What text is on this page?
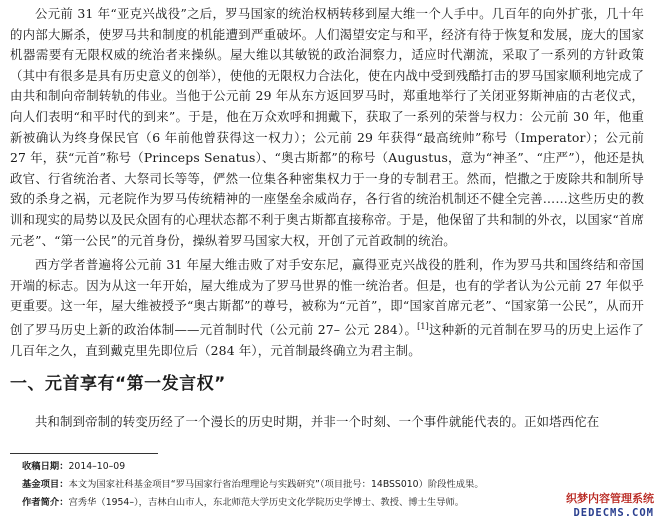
公元前 31 年“亚克兴战役”之后，罗马国家的统治权柄转移到屋大维一个人手中。几百年的向外扩张，几十年的内部大厮杀，使罗马共和制度的机能遭到严重破坏。人们渴望安定与和平，经济有待于恢复和发展，庞大的国家机器需要有无限权威的统治者来操纵。屋大维以其敏锐的政治洞察力，适应时代潮流，采取了一系列的方针政策（其中有很多是具有历史意义的创举），使他的无限权力合法化，使在内战中受到残酷打击的罗马国家顺利地完成了由共和制向帝制转轨的伟业。当他于公元前 29 年从东方返回罗马时，郑重地举行了关闭亚努斯神庙的古老仪式，向人们表明“和平时代的到来”。于是，他在万众欢呼和拥戴下，获取了一系列的荣誉与权力：公元前 30 年，他重新被确认为终身保民官（6 年前他曾获得这一权力）；公元前 29 年获得“最高统帅”称号（Imperator）；公元前 27 年，获“元首”称号（Princeps Senatus）、“奥古斯都”的称号（Augustus，意为“神圣”、“庄严”），他还是执政官、行省统治者、大祭司长等等，俨然一位集各种密集权力于一身的专制君王。然而，恺撒之于废除共和制所导致的杀身之祸，元老院作为罗马传统精神的一座堡垒余威尚存，各行省的统治机制还不健全完善……这些历史的教训和现实的局势以及民众固有的心理状态都不利于奥古斯都直接称帝。于是，他保留了共和制的外衣，以国家“首席元老”、“第一公民”的元首身份，操纵着罗马国家大权，开创了元首政制的统治。

西方学者普遍将公元前 31 年屋大维击败了对手安东尼，赢得亚克兴战役的胜利，作为罗马共和国终结和帝国开端的标志。因为从这一年开始，屋大维成为了罗马世界的惟一统治者。但是，也有的学者认为公元前 27 年似乎更重要。这一年，屋大维被授予“奥古斯都”的尊号，被称为“元首”，即“国家首席元老”、“国家第一公民”，从而开创了罗马历史上新的政治体制——元首制时代（公元前 27– 公元 284）。[1]这种新的元首制在罗马的历史上运作了几百年之久，直到戴克里先即位后（284 年），元首制最终确立为君主制。

一、元首享有“第一发言权”

共和制到帝制的转变历经了一个漫长的历史时期，并非一个时刻、一个事件就能代表的。正如塔西佗在

收稿日期：2014–10–09
基金项目：本文为国家社科基金项目“罗马国家行省治理理论与实践研究”（项目批号：14BSS010）阶段性成果。
作者简介：宫秀华（1954–），吉林白山市人，东北师范大学历史文化学院历史学博士、教授、博士生导师。	织梦内容管理系统
DEDECMS.COM
